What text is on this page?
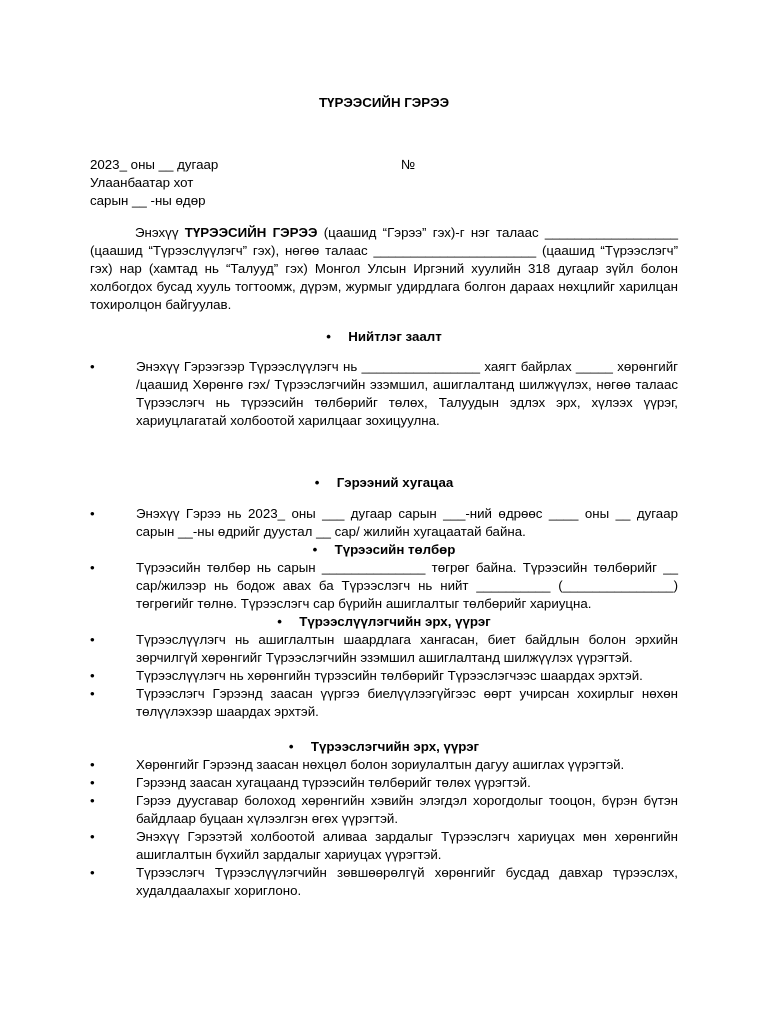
ТҮРЭЭСИЙН ГЭРЭЭ
2023_ оны __ дугаар	№
Улаанбаатар хот
сарын __ -ны өдөр
Энэхүү ТҮРЭЭСИЙН ГЭРЭЭ (цаашид “Гэрээ” гэх)-г нэг талаас __________________ (цаашид “Түрээслүүлэгч” гэх), нөгөө талаас ______________________ (цаашид “Түрээслэгч” гэх) нар (хамтад нь “Талууд” гэх) Монгол Улсын Иргэний хуулийн 318 дугаар зүйл болон холбогдох бусад хууль тогтоомж, дүрэм, журмыг удирдлага болгон дараах нөхцлийг харилцан тохиролцон байгуулав.
• Нийтлэг заалт
•	Энэхүү Гэрээгээр Түрээслүүлэгч нь ________________ хаягт байрлах _____ хөрөнгийг /цаашид Хөрөнгө гэх/ Түрээслэгчийн эзэмшил, ашиглалтанд шилжүүлэх, нөгөө талаас Түрээслэгч нь түрээсийн төлбөрийг төлөх, Талуудын эдлэх эрх, хүлээх үүрэг, хариуцлагатай холбоотой харилцааг зохицуулна.
• Гэрээний хугацаа
•	Энэхүү Гэрээ нь 2023_ оны ___ дугаар сарын ___-ний өдрөөс ____ оны __ дугаар сарын __-ны өдрийг дуустал __ сар/ жилийн хугацаатай байна.
• Түрээсийн төлбөр
•	Түрээсийн төлбөр нь сарын ______________ төгрөг байна. Түрээсийн төлбөрийг __ сар/жилээр нь бодож авах ба Түрээслэгч нь нийт __________ (_______________) төгрөгийг төлнө. Түрээслэгч сар бүрийн ашиглалтыг төлбөрийг хариуцна.
• Түрээслүүлэгчийн эрх, үүрэг
•	Түрээслүүлэгч нь ашиглалтын шаардлага хангасан, биет байдлын болон эрхийн зөрчилгүй хөрөнгийг Түрээслэгчийн эзэмшил ашиглалтанд шилжүүлэх үүрэгтэй.
•	Түрээслүүлэгч нь хөрөнгийн түрээсийн төлбөрийг Түрээслэгчээс шаардах эрхтэй.
•	Түрээслэгч Гэрээнд заасан үүргээ биелүүлээгүйгээс өөрт учирсан хохирлыг нөхөн төлүүлэхээр шаардах эрхтэй.
• Түрээслэгчийн эрх, үүрэг
•	Хөрөнгийг Гэрээнд заасан нөхцөл болон зориулалтын дагуу ашиглах үүрэгтэй.
•	Гэрээнд заасан хугацаанд түрээсийн төлбөрийг төлөх үүрэгтэй.
•	Гэрээ дуусгавар болоход хөрөнгийн хэвийн элэгдэл хорогдолыг тооцон, бүрэн бүтэн байдлаар буцаан хүлээлгэн өгөх үүрэгтэй.
•	Энэхүү Гэрээтэй холбоотой аливаа зардалыг Түрээслэгч хариуцах мөн хөрөнгийн ашиглалтын бүхийл зардалыг хариуцах үүрэгтэй.
•	Түрээслэгч Түрээслүүлэгчийн зөвшөөрөлгүй хөрөнгийг бусдад давхар түрээслэх, худалдаалахыг хориглоно.
